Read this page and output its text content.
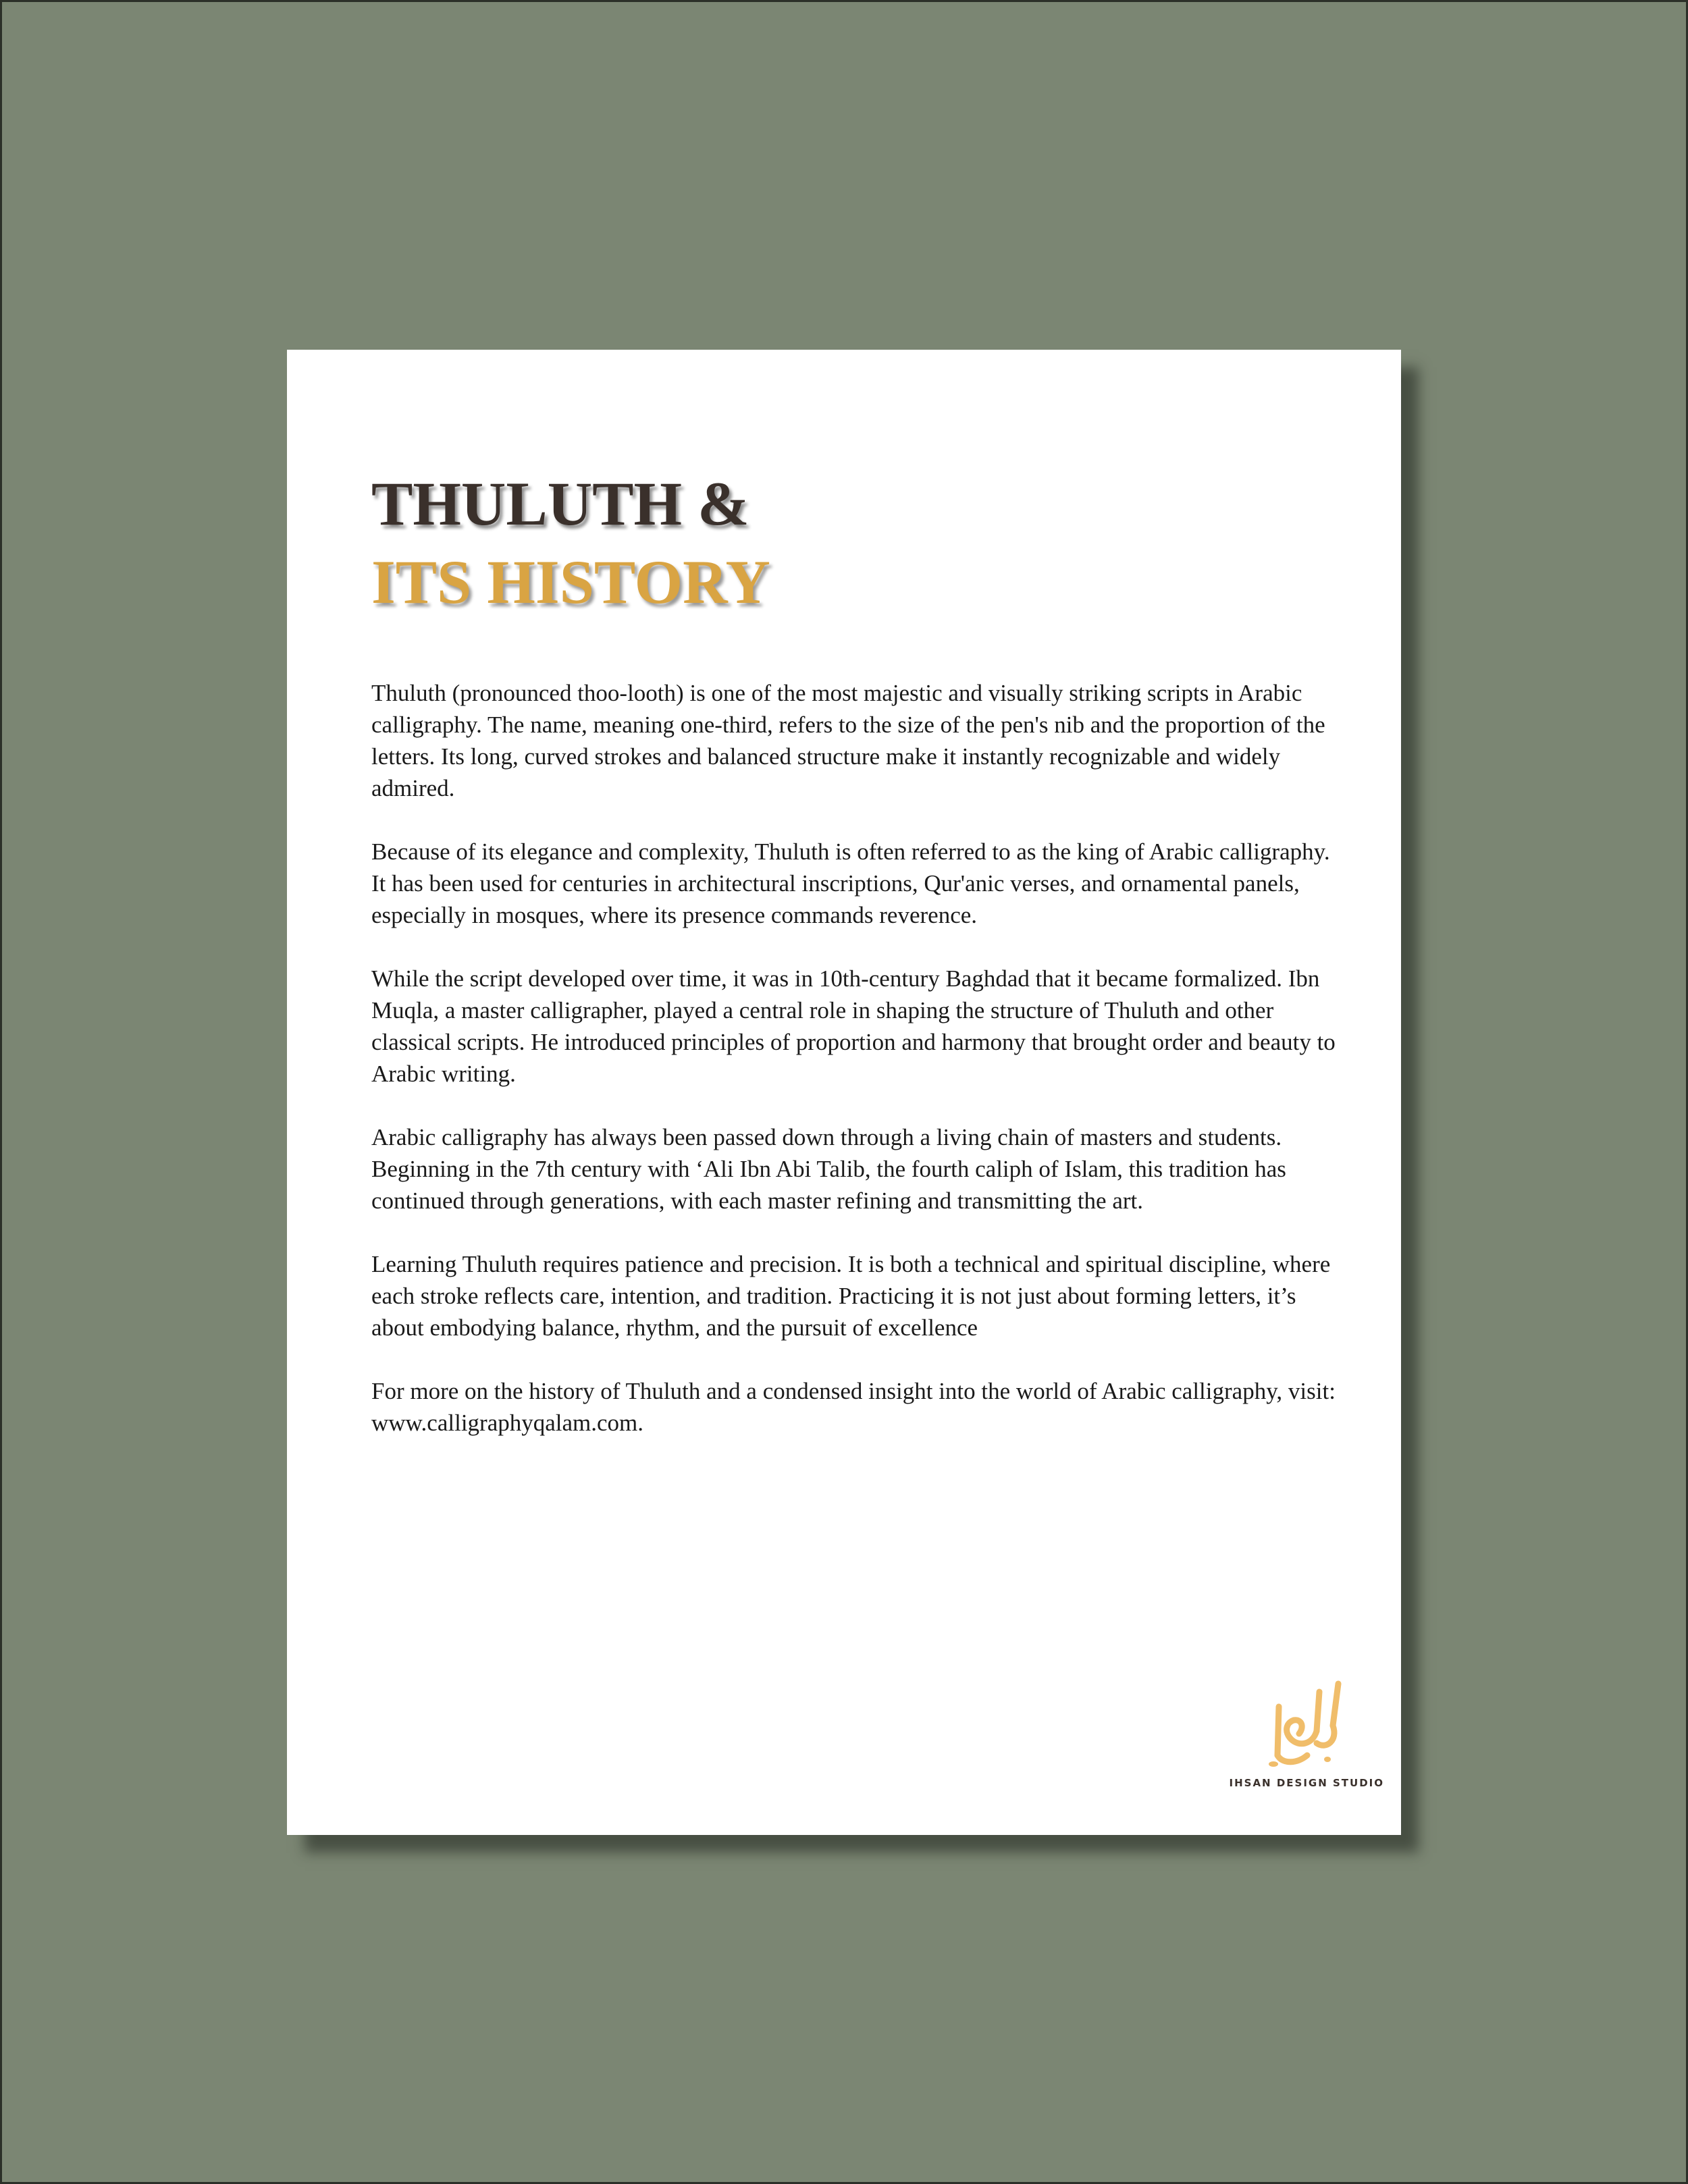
THULUTH &
ITS HISTORY

Thuluth (pronounced thoo-looth) is one of the most majestic and visually striking scripts in Arabic calligraphy. The name, meaning one-third, refers to the size of the pen's nib and the proportion of the letters. Its long, curved strokes and balanced structure make it instantly recognizable and widely admired.

Because of its elegance and complexity, Thuluth is often referred to as the king of Arabic calligraphy. It has been used for centuries in architectural inscriptions, Qur'anic verses, and ornamental panels, especially in mosques, where its presence commands reverence.

While the script developed over time, it was in 10th-century Baghdad that it became formalized. Ibn Muqla, a master calligrapher, played a central role in shaping the structure of Thuluth and other classical scripts. He introduced principles of proportion and harmony that brought order and beauty to Arabic writing.

Arabic calligraphy has always been passed down through a living chain of masters and students. Beginning in the 7th century with ‘Ali Ibn Abi Talib, the fourth caliph of Islam, this tradition has continued through generations, with each master refining and transmitting the art.

Learning Thuluth requires patience and precision. It is both a technical and spiritual discipline, where each stroke reflects care, intention, and tradition. Practicing it is not just about forming letters, it’s about embodying balance, rhythm, and the pursuit of excellence

For more on the history of Thuluth and a condensed insight into the world of Arabic calligraphy, visit: www.calligraphyqalam.com.

IHSAN DESIGN STUDIO
